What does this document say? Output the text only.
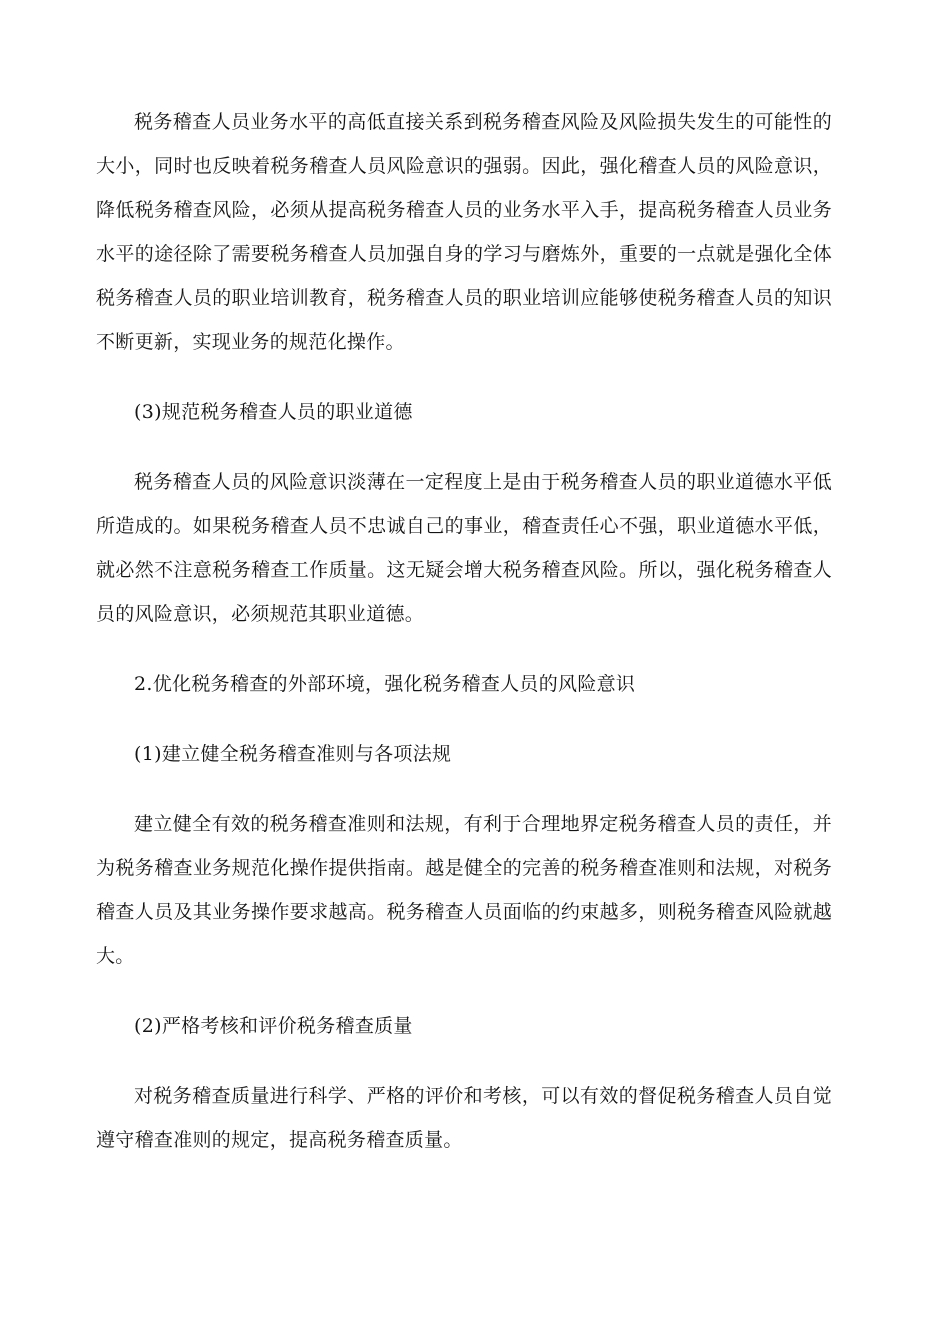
税务稽查人员业务水平的高低直接关系到税务稽查风险及风险损失发生的可能性的大小，同时也反映着税务稽查人员风险意识的强弱。因此，强化稽查人员的风险意识，降低税务稽查风险，必须从提高税务稽查人员的业务水平入手，提高税务稽查人员业务水平的途径除了需要税务稽查人员加强自身的学习与磨炼外，重要的一点就是强化全体税务稽查人员的职业培训教育，税务稽查人员的职业培训应能够使税务稽查人员的知识不断更新，实现业务的规范化操作。

(3)规范税务稽查人员的职业道德

税务稽查人员的风险意识淡薄在一定程度上是由于税务稽查人员的职业道德水平低所造成的。如果税务稽查人员不忠诚自己的事业，稽查责任心不强，职业道德水平低，就必然不注意税务稽查工作质量。这无疑会增大税务稽查风险。所以，强化税务稽查人员的风险意识，必须规范其职业道德。

2.优化税务稽查的外部环境，强化税务稽查人员的风险意识

(1)建立健全税务稽查准则与各项法规

建立健全有效的税务稽查准则和法规，有利于合理地界定税务稽查人员的责任，并为税务稽查业务规范化操作提供指南。越是健全的完善的税务稽查准则和法规，对税务稽查人员及其业务操作要求越高。税务稽查人员面临的约束越多，则税务稽查风险就越大。

(2)严格考核和评价税务稽查质量

对税务稽查质量进行科学、严格的评价和考核，可以有效的督促税务稽查人员自觉遵守稽查准则的规定，提高税务稽查质量。
